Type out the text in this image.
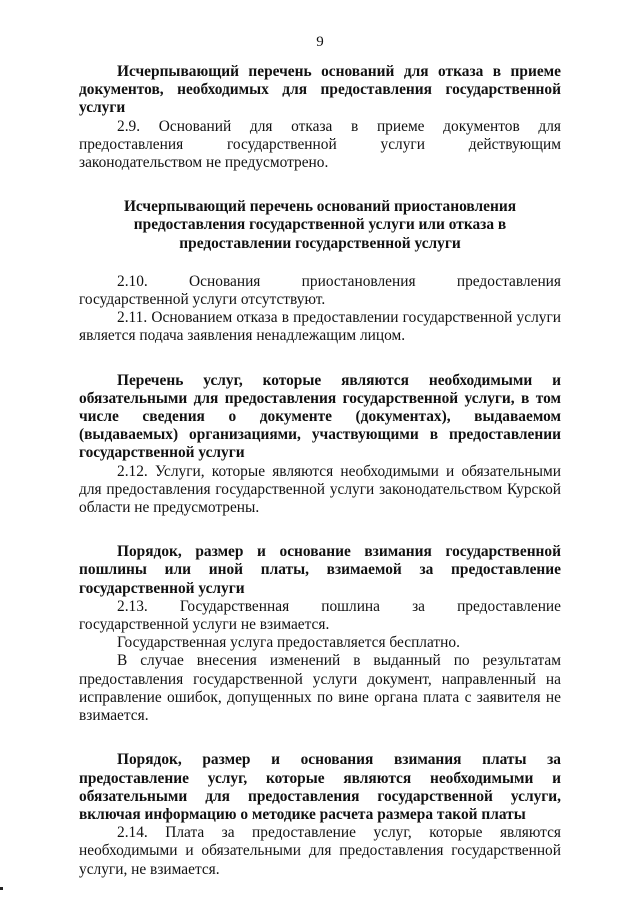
9

Исчерпывающий перечень оснований для отказа в приеме документов, необходимых для предоставления государственной услуги

2.9. Оснований для отказа в приеме документов для предоставления государственной услуги действующим законодательством не предусмотрено.

Исчерпывающий перечень оснований приостановления предоставления государственной услуги или отказа в предоставлении государственной услуги

2.10. Основания приостановления предоставления государственной услуги отсутствуют.

2.11. Основанием отказа в предоставлении государственной услуги является подача заявления ненадлежащим лицом.

Перечень услуг, которые являются необходимыми и обязательными для предоставления государственной услуги, в том числе сведения о документе (документах), выдаваемом (выдаваемых) организациями, участвующими в предоставлении государственной услуги

2.12. Услуги, которые являются необходимыми и обязательными для предоставления государственной услуги законодательством Курской области не предусмотрены.

Порядок, размер и основание взимания государственной пошлины или иной платы, взимаемой за предоставление государственной услуги

2.13. Государственная пошлина за предоставление государственной услуги не взимается.

Государственная услуга предоставляется бесплатно.

В случае внесения изменений в выданный по результатам предоставления государственной услуги документ, направленный на исправление ошибок, допущенных по вине органа плата с заявителя не взимается.

Порядок, размер и основания взимания платы за предоставление услуг, которые являются необходимыми и обязательными для предоставления государственной услуги, включая информацию о методике расчета размера такой платы

2.14. Плата за предоставление услуг, которые являются необходимыми и обязательными для предоставления государственной услуги, не взимается.
